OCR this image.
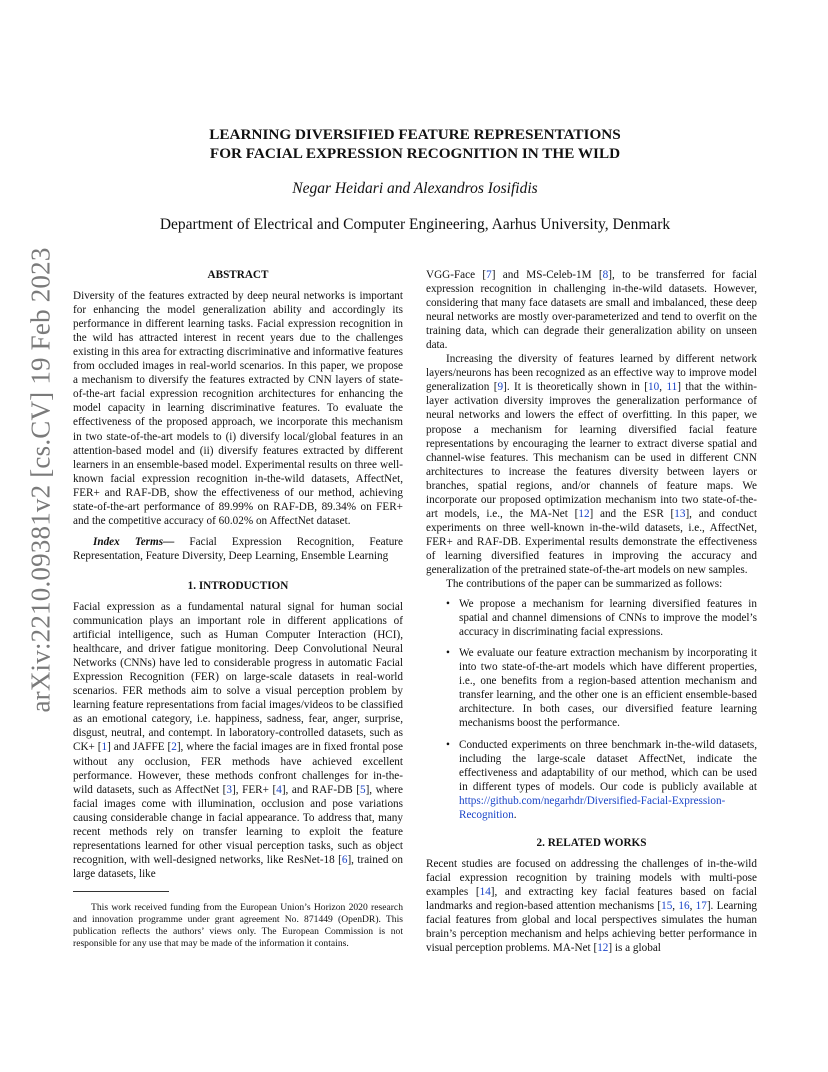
arXiv:2210.09381v2 [cs.CV] 19 Feb 2023
LEARNING DIVERSIFIED FEATURE REPRESENTATIONS
FOR FACIAL EXPRESSION RECOGNITION IN THE WILD
Negar Heidari and Alexandros Iosifidis
Department of Electrical and Computer Engineering, Aarhus University, Denmark
ABSTRACT

Diversity of the features extracted by deep neural networks is important for enhancing the model generalization ability and accordingly its performance in different learning tasks. Facial expression recognition in the wild has attracted interest in recent years due to the challenges existing in this area for extracting discriminative and informative features from occluded images in real-world scenarios. In this paper, we propose a mechanism to diversify the features extracted by CNN layers of state-of-the-art facial expression recognition architectures for enhancing the model capacity in learning discriminative features. To evaluate the effectiveness of the proposed approach, we incorporate this mechanism in two state-of-the-art models to (i) diversify local/global features in an attention-based model and (ii) diversify features extracted by different learners in an ensemble-based model. Experimental results on three well-known facial expression recognition in-the-wild datasets, AffectNet, FER+ and RAF-DB, show the effectiveness of our method, achieving state-of-the-art performance of 89.99% on RAF-DB, 89.34% on FER+ and the competitive accuracy of 60.02% on AffectNet dataset.

Index Terms— Facial Expression Recognition, Feature Representation, Feature Diversity, Deep Learning, Ensemble Learning

1. INTRODUCTION

Facial expression as a fundamental natural signal for human social communication plays an important role in different applications of artificial intelligence, such as Human Computer Interaction (HCI), healthcare, and driver fatigue monitoring. Deep Convolutional Neural Networks (CNNs) have led to considerable progress in automatic Facial Expression Recognition (FER) on large-scale datasets in real-world scenarios. FER methods aim to solve a visual perception problem by learning feature representations from facial images/videos to be classified as an emotional category, i.e. happiness, sadness, fear, anger, surprise, disgust, neutral, and contempt. In laboratory-controlled datasets, such as CK+ [1] and JAFFE [2], where the facial images are in fixed frontal pose without any occlusion, FER methods have achieved excellent performance. However, these methods confront challenges for in-the-wild datasets, such as AffectNet [3], FER+ [4], and RAF-DB [5], where facial images come with illumination, occlusion and pose variations causing considerable change in facial appearance. To address that, many recent methods rely on transfer learning to exploit the feature representations learned for other visual perception tasks, such as object recognition, with well-designed networks, like ResNet-18 [6], trained on large datasets, like

This work received funding from the European Union’s Horizon 2020 research and innovation programme under grant agreement No. 871449 (OpenDR). This publication reflects the authors’ views only. The European Commission is not responsible for any use that may be made of the information it contains.

VGG-Face [7] and MS-Celeb-1M [8], to be transferred for facial expression recognition in challenging in-the-wild datasets. However, considering that many face datasets are small and imbalanced, these deep neural networks are mostly over-parameterized and tend to overfit on the training data, which can degrade their generalization ability on unseen data.

Increasing the diversity of features learned by different network layers/neurons has been recognized as an effective way to improve model generalization [9]. It is theoretically shown in [10, 11] that the within-layer activation diversity improves the generalization performance of neural networks and lowers the effect of overfitting. In this paper, we propose a mechanism for learning diversified facial feature representations by encouraging the learner to extract diverse spatial and channel-wise features. This mechanism can be used in different CNN architectures to increase the features diversity between layers or branches, spatial regions, and/or channels of feature maps. We incorporate our proposed optimization mechanism into two state-of-the-art models, i.e., the MA-Net [12] and the ESR [13], and conduct experiments on three well-known in-the-wild datasets, i.e., AffectNet, FER+ and RAF-DB. Experimental results demonstrate the effectiveness of learning diversified features in improving the accuracy and generalization of the pretrained state-of-the-art models on new samples.

The contributions of the paper can be summarized as follows:

• We propose a mechanism for learning diversified features in spatial and channel dimensions of CNNs to improve the model’s accuracy in discriminating facial expressions.
• We evaluate our feature extraction mechanism by incorporating it into two state-of-the-art models which have different properties, i.e., one benefits from a region-based attention mechanism and transfer learning, and the other one is an efficient ensemble-based architecture. In both cases, our diversified feature learning mechanisms boost the performance.
• Conducted experiments on three benchmark in-the-wild datasets, including the large-scale dataset AffectNet, indicate the effectiveness and adaptability of our method, which can be used in different types of models. Our code is publicly available at https://github.com/negarhdr/Diversified-Facial-Expression-Recognition.
2. RELATED WORKS

Recent studies are focused on addressing the challenges of in-the-wild facial expression recognition by training models with multi-pose examples [14], and extracting key facial features based on facial landmarks and region-based attention mechanisms [15, 16, 17]. Learning facial features from global and local perspectives simulates the human brain’s perception mechanism and helps achieving better performance in visual perception problems. MA-Net [12] is a global
